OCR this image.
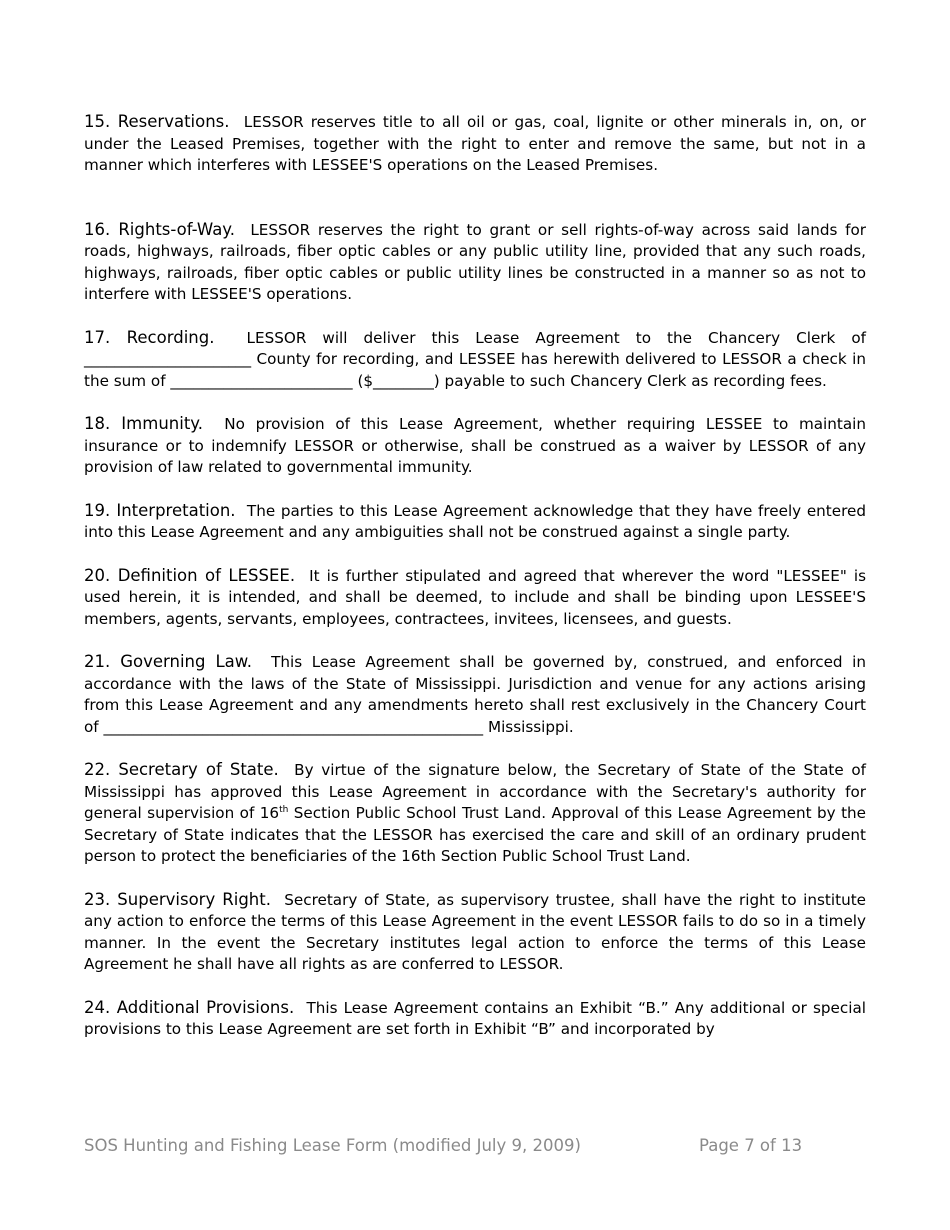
15. Reservations. LESSOR reserves title to all oil or gas, coal, lignite or other minerals in, on, or under the Leased Premises, together with the right to enter and remove the same, but not in a manner which interferes with LESSEE'S operations on the Leased Premises.

16. Rights-of-Way. LESSOR reserves the right to grant or sell rights-of-way across said lands for roads, highways, railroads, fiber optic cables or any public utility line, provided that any such roads, highways, railroads, fiber optic cables or public utility lines be constructed in a manner so as not to interfere with LESSEE'S operations.

17. Recording. LESSOR will deliver this Lease Agreement to the Chancery Clerk of ______________________ County for recording, and LESSEE has herewith delivered to LESSOR a check in the sum of ________________________ ($________) payable to such Chancery Clerk as recording fees.

18. Immunity. No provision of this Lease Agreement, whether requiring LESSEE to maintain insurance or to indemnify LESSOR or otherwise, shall be construed as a waiver by LESSOR of any provision of law related to governmental immunity.

19. Interpretation. The parties to this Lease Agreement acknowledge that they have freely entered into this Lease Agreement and any ambiguities shall not be construed against a single party.

20. Definition of LESSEE. It is further stipulated and agreed that wherever the word "LESSEE" is used herein, it is intended, and shall be deemed, to include and shall be binding upon LESSEE'S members, agents, servants, employees, contractees, invitees, licensees, and guests.

21. Governing Law. This Lease Agreement shall be governed by, construed, and enforced in accordance with the laws of the State of Mississippi. Jurisdiction and venue for any actions arising from this Lease Agreement and any amendments hereto shall rest exclusively in the Chancery Court of __________________________________________________ Mississippi.

22. Secretary of State. By virtue of the signature below, the Secretary of State of the State of Mississippi has approved this Lease Agreement in accordance with the Secretary's authority for general supervision of 16th Section Public School Trust Land. Approval of this Lease Agreement by the Secretary of State indicates that the LESSOR has exercised the care and skill of an ordinary prudent person to protect the beneficiaries of the 16th Section Public School Trust Land.

23. Supervisory Right. Secretary of State, as supervisory trustee, shall have the right to institute any action to enforce the terms of this Lease Agreement in the event LESSOR fails to do so in a timely manner. In the event the Secretary institutes legal action to enforce the terms of this Lease Agreement he shall have all rights as are conferred to LESSOR.

24. Additional Provisions. This Lease Agreement contains an Exhibit “B.” Any additional or special provisions to this Lease Agreement are set forth in Exhibit “B” and incorporated by

SOS Hunting and Fishing Lease Form (modified July 9, 2009)	Page 7 of 13
